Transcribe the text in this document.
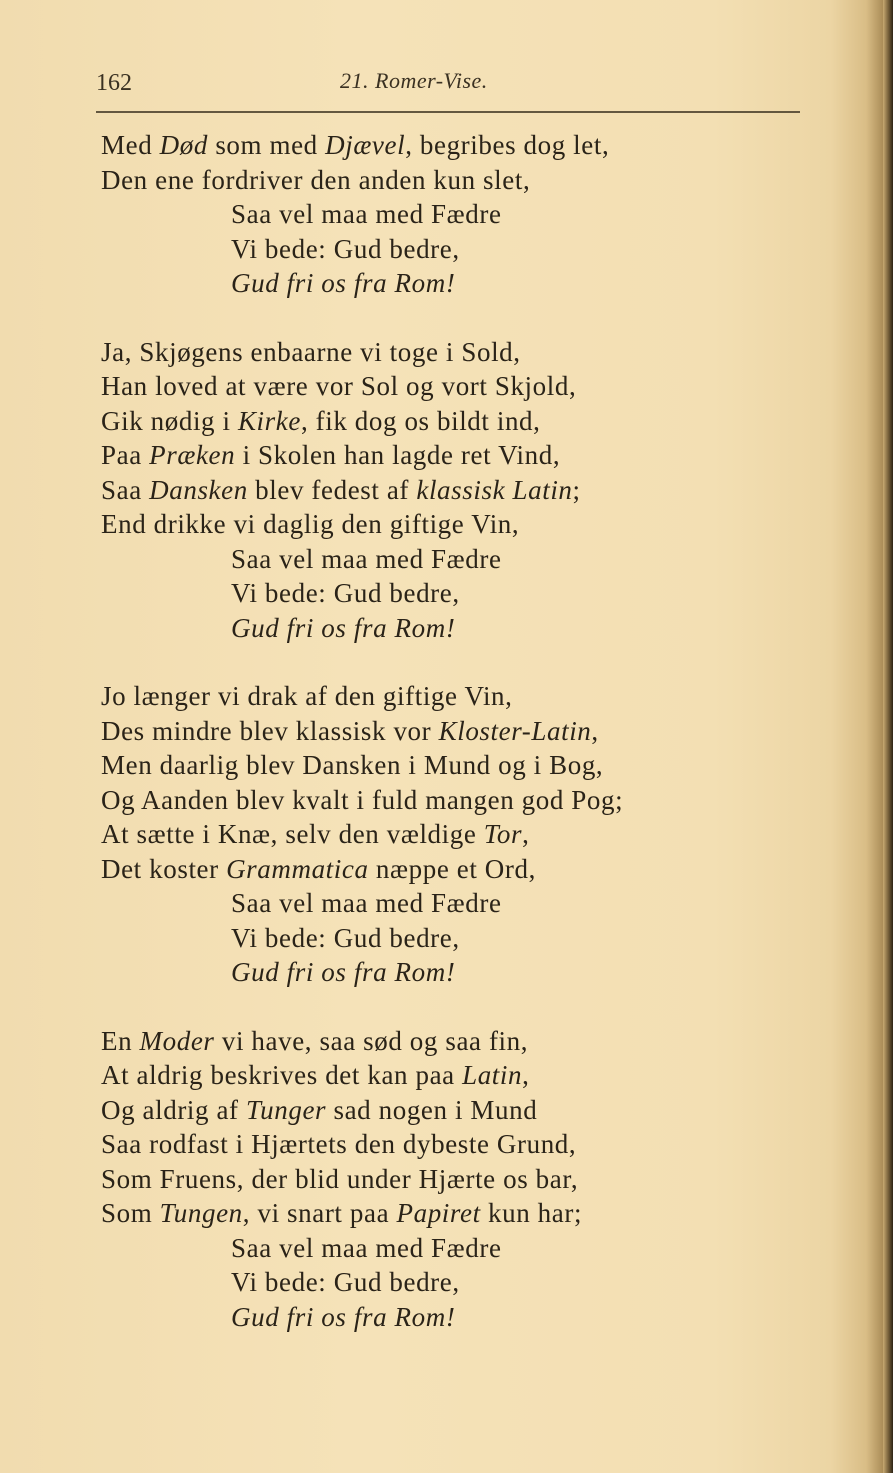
162	21. Romer-Vise.
Med Død som med Djævel, begribes dog let,
Den ene fordriver den anden kun slet,
Saa vel maa med Fædre
Vi bede: Gud bedre,
Gud fri os fra Rom!
Ja, Skjøgens enbaarne vi toge i Sold,
Han loved at være vor Sol og vort Skjold,
Gik nødig i Kirke, fik dog os bildt ind,
Paa Præken i Skolen han lagde ret Vind,
Saa Dansken blev fedest af klassisk Latin;
End drikke vi daglig den giftige Vin,
Saa vel maa med Fædre
Vi bede: Gud bedre,
Gud fri os fra Rom!
Jo længer vi drak af den giftige Vin,
Des mindre blev klassisk vor Kloster-Latin,
Men daarlig blev Dansken i Mund og i Bog,
Og Aanden blev kvalt i fuld mangen god Pog;
At sætte i Knæ, selv den vældige Tor,
Det koster Grammatica næppe et Ord,
Saa vel maa med Fædre
Vi bede: Gud bedre,
Gud fri os fra Rom!
En Moder vi have, saa sød og saa fin,
At aldrig beskrives det kan paa Latin,
Og aldrig af Tunger sad nogen i Mund
Saa rodfast i Hjærtets den dybeste Grund,
Som Fruens, der blid under Hjærte os bar,
Som Tungen, vi snart paa Papiret kun har;
Saa vel maa med Fædre
Vi bede: Gud bedre,
Gud fri os fra Rom!
